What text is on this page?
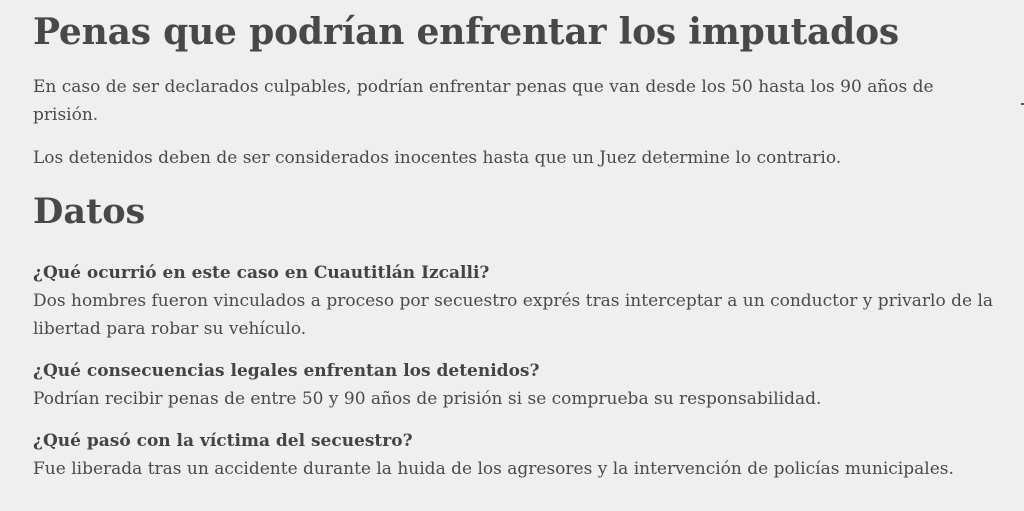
Penas que podrían enfrentar los imputados

En caso de ser declarados culpables, podrían enfrentar penas que van desde los 50 hasta los 90 años de prisión.

Los detenidos deben de ser considerados inocentes hasta que un Juez determine lo contrario.

Datos
¿Qué ocurrió en este caso en Cuautitlán Izcalli?
Dos hombres fueron vinculados a proceso por secuestro exprés tras interceptar a un conductor y privarlo de la libertad para robar su vehículo.
¿Qué consecuencias legales enfrentan los detenidos?
Podrían recibir penas de entre 50 y 90 años de prisión si se comprueba su responsabilidad.
¿Qué pasó con la víctima del secuestro?
Fue liberada tras un accidente durante la huida de los agresores y la intervención de policías municipales.
